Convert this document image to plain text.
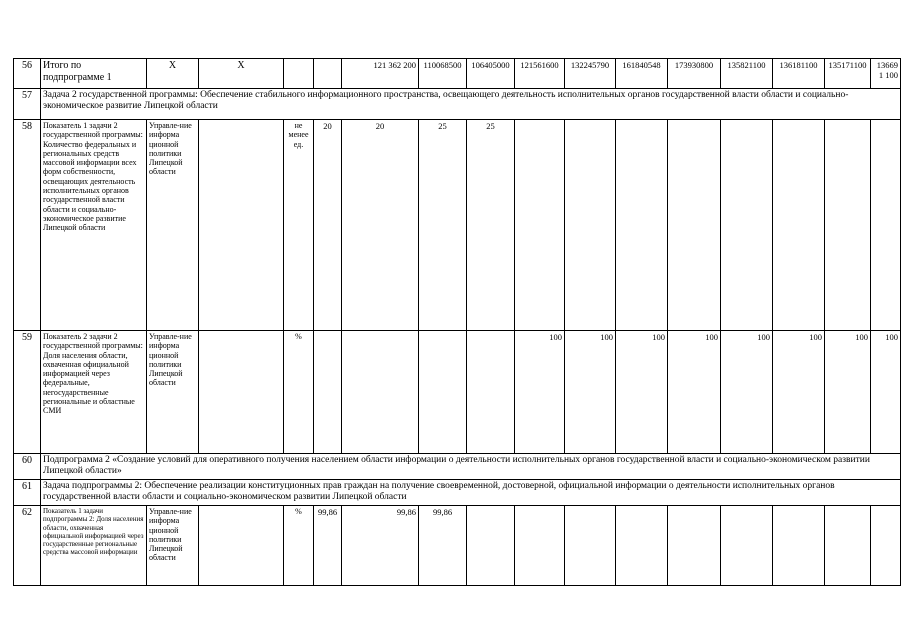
56	Итого по подпрограмме 1	Х	Х			121 362 200	110068500	106405000	121561600	132245790	161840548	173930800	135821100	136181100	135171100	136691 100
57	Задача 2 государственной программы: Обеспечение стабильного информационного пространства, освещающего деятельность исполнительных органов государственной власти области и социально-экономическое развитие Липецкой области															
58	Показатель 1 задачи 2 государственной программы: Количество федеральных и региональных средств массовой информации всех форм собственности, освещающих деятельность исполнительных органов государственной власти области и социально-экономическое развитие Липецкой области	Управле-ние информа ционной политики Липецкой области		не менее ед.	20	20	25	25								
59	Показатель 2 задачи 2 государственной программы: Доля населения области, охваченная официальной информацией через федеральные, негосударственные региональные и областные СМИ	Управле-ние информа ционной политики Липецкой области		%					100	100	100	100	100	100	100	100
60	Подпрограмма 2 «Создание условий для оперативного получения населением области информации о деятельности исполнительных органов государственной власти и социально-экономическом развитии Липецкой области»															
61	Задача подпрограммы 2: Обеспечение реализации конституционных прав граждан на получение своевременной, достоверной, официальной информации о деятельности исполнительных органов государственной власти области и социально-экономическом развитии Липецкой области															
62	Показатель 1 задачи подпрограммы 2: Доля населения области, охваченная официальной информацией через государственные региональные средства массовой информации	Управле-ние информа ционной политики Липецкой области		%	99,86	99,86	99,86									
